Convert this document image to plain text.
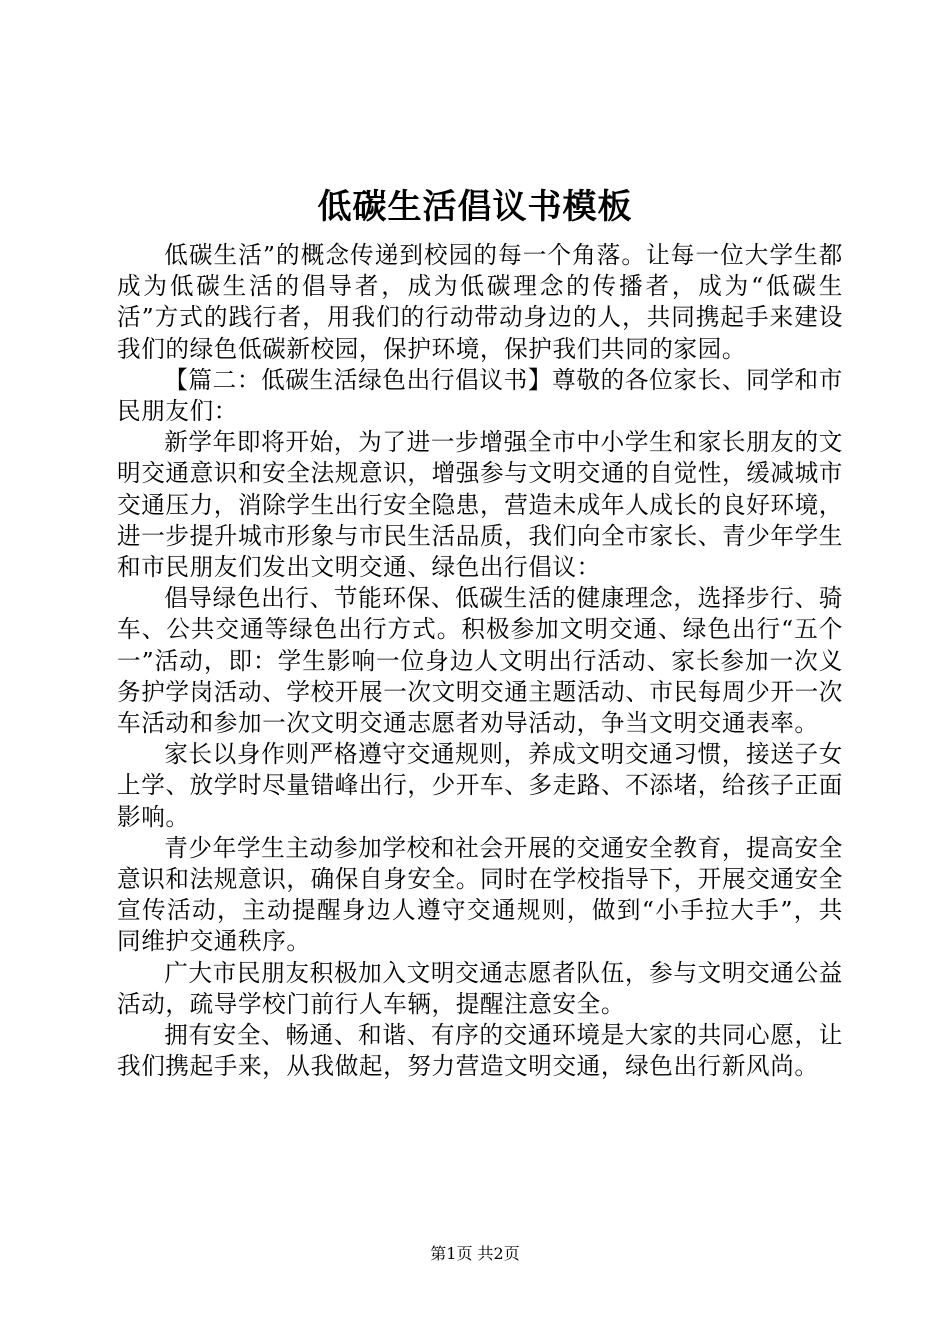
低碳生活倡议书模板

低碳生活”的概念传递到校园的每一个角落。让每一位大学生都成为低碳生活的倡导者，成为低碳理念的传播者，成为“低碳生活”方式的践行者，用我们的行动带动身边的人，共同携起手来建设我们的绿色低碳新校园，保护环境，保护我们共同的家园。

【篇二：低碳生活绿色出行倡议书】尊敬的各位家长、同学和市民朋友们：

新学年即将开始，为了进一步增强全市中小学生和家长朋友的文明交通意识和安全法规意识，增强参与文明交通的自觉性，缓减城市交通压力，消除学生出行安全隐患，营造未成年人成长的良好环境，进一步提升城市形象与市民生活品质，我们向全市家长、青少年学生和市民朋友们发出文明交通、绿色出行倡议：

倡导绿色出行、节能环保、低碳生活的健康理念，选择步行、骑车、公共交通等绿色出行方式。积极参加文明交通、绿色出行“五个一”活动，即：学生影响一位身边人文明出行活动、家长参加一次义务护学岗活动、学校开展一次文明交通主题活动、市民每周少开一次车活动和参加一次文明交通志愿者劝导活动，争当文明交通表率。

家长以身作则严格遵守交通规则，养成文明交通习惯，接送子女上学、放学时尽量错峰出行，少开车、多走路、不添堵，给孩子正面影响。

青少年学生主动参加学校和社会开展的交通安全教育，提高安全意识和法规意识，确保自身安全。同时在学校指导下，开展交通安全宣传活动，主动提醒身边人遵守交通规则，做到“小手拉大手”，共同维护交通秩序。

广大市民朋友积极加入文明交通志愿者队伍，参与文明交通公益活动，疏导学校门前行人车辆，提醒注意安全。

拥有安全、畅通、和谐、有序的交通环境是大家的共同心愿，让我们携起手来，从我做起，努力营造文明交通，绿色出行新风尚。

第1页 共2页
